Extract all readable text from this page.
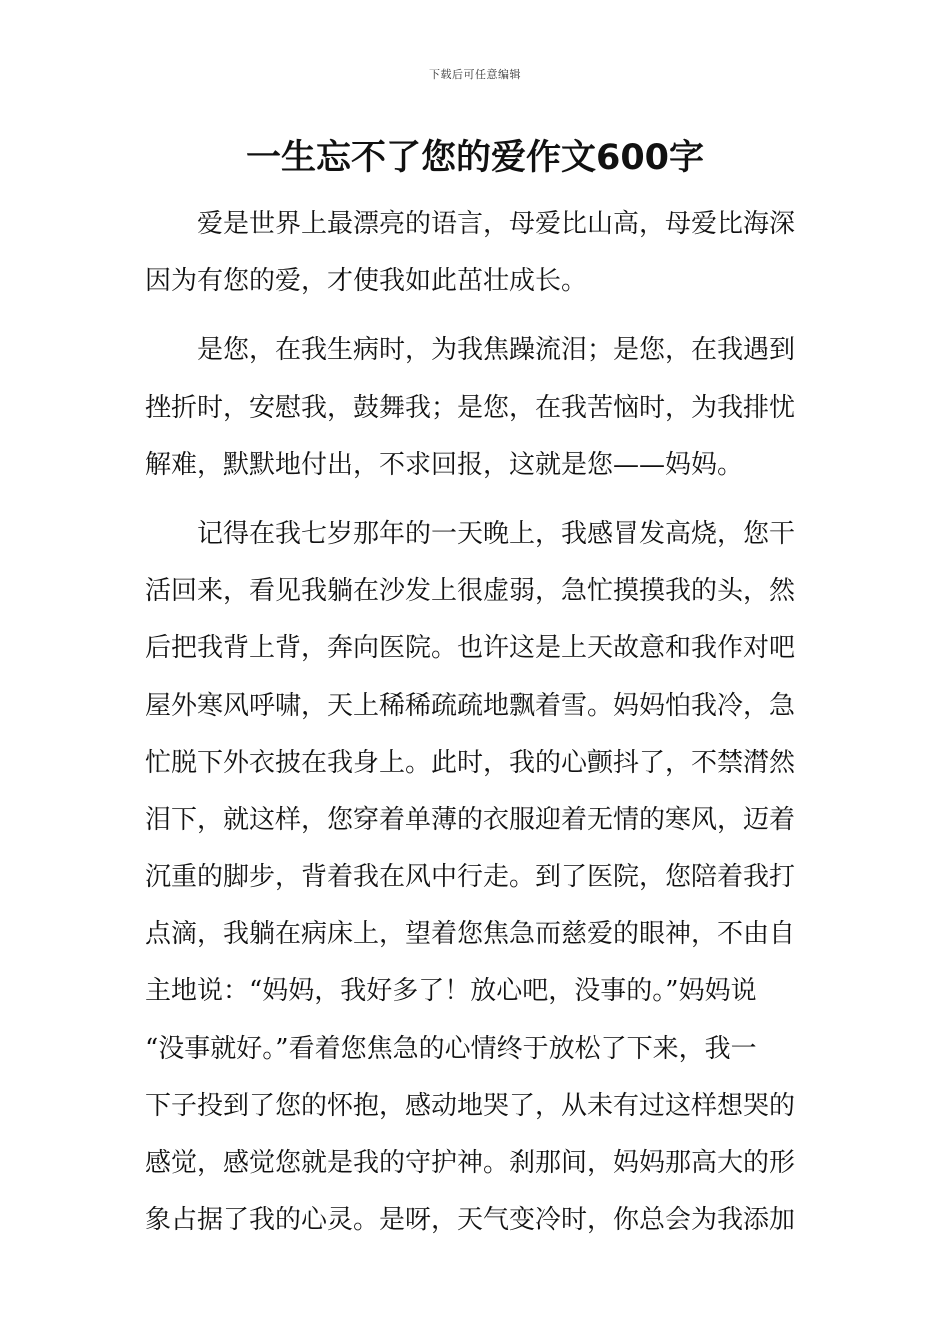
下载后可任意编辑
一生忘不了您的爱作文600字
爱是世界上最漂亮的语言，母爱比山高，母爱比海深
因为有您的爱，才使我如此茁壮成长。
是您，在我生病时，为我焦躁流泪；是您，在我遇到
挫折时，安慰我，鼓舞我；是您，在我苦恼时，为我排忧
解难，默默地付出，不求回报，这就是您——妈妈。
记得在我七岁那年的一天晚上，我感冒发高烧，您干
活回来，看见我躺在沙发上很虚弱，急忙摸摸我的头，然
后把我背上背，奔向医院。也许这是上天故意和我作对吧
屋外寒风呼啸，天上稀稀疏疏地飘着雪。妈妈怕我冷，急
忙脱下外衣披在我身上。此时，我的心颤抖了，不禁潸然
泪下，就这样，您穿着单薄的衣服迎着无情的寒风，迈着
沉重的脚步，背着我在风中行走。到了医院，您陪着我打
点滴，我躺在病床上，望着您焦急而慈爱的眼神，不由自
主地说：“妈妈，我好多了！放心吧，没事的。”妈妈说
“没事就好。”看着您焦急的心情终于放松了下来，我一
下子投到了您的怀抱，感动地哭了，从未有过这样想哭的
感觉，感觉您就是我的守护神。刹那间，妈妈那高大的形
象占据了我的心灵。是呀，天气变冷时，你总会为我添加
